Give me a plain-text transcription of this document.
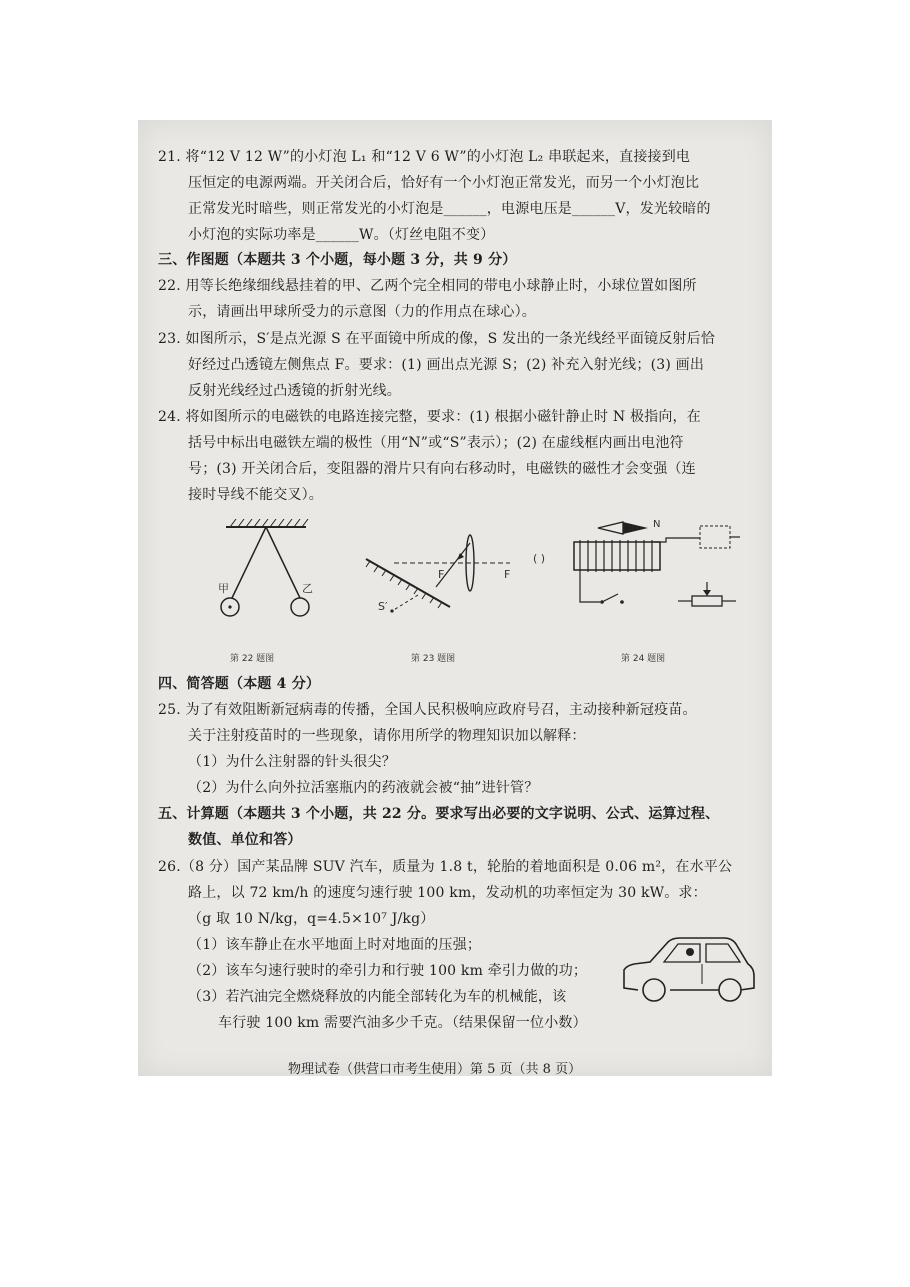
21. 将“12 V 12 W”的小灯泡 L₁ 和“12 V 6 W”的小灯泡 L₂ 串联起来，直接接到电
压恒定的电源两端。开关闭合后，恰好有一个小灯泡正常发光，而另一个小灯泡比
正常发光时暗些，则正常发光的小灯泡是______，电源电压是______V，发光较暗的
小灯泡的实际功率是______W。（灯丝电阻不变）
三、作图题（本题共 3 个小题，每小题 3 分，共 9 分）
22. 用等长绝缘细线悬挂着的甲、乙两个完全相同的带电小球静止时，小球位置如图所
示，请画出甲球所受力的示意图（力的作用点在球心）。
23. 如图所示，S′是点光源 S 在平面镜中所成的像，S 发出的一条光线经平面镜反射后恰
好经过凸透镜左侧焦点 F。要求：(1) 画出点光源 S；(2) 补充入射光线；(3) 画出
反射光线经过凸透镜的折射光线。
24. 将如图所示的电磁铁的电路连接完整，要求：(1) 根据小磁针静止时 N 极指向，在
括号中标出电磁铁左端的极性（用“N”或“S”表示）；(2) 在虚线框内画出电池符
号；(3) 开关闭合后，变阻器的滑片只有向右移动时，电磁铁的磁性才会变强（连
接时导线不能交叉）。
甲	乙
第 22 题图
F	F
S′
第 23 题图
N
( )
第 24 题图
四、简答题（本题 4 分）
25. 为了有效阻断新冠病毒的传播，全国人民积极响应政府号召，主动接种新冠疫苗。
关于注射疫苗时的一些现象，请你用所学的物理知识加以解释：
（1）为什么注射器的针头很尖？
（2）为什么向外拉活塞瓶内的药液就会被“抽”进针管？
五、计算题（本题共 3 个小题，共 22 分。要求写出必要的文字说明、公式、运算过程、
数值、单位和答）
26.（8 分）国产某品牌 SUV 汽车，质量为 1.8 t，轮胎的着地面积是 0.06 m²，在水平公
路上，以 72 km/h 的速度匀速行驶 100 km，发动机的功率恒定为 30 kW。求：
（g 取 10 N/kg，q=4.5×10⁷ J/kg）
（1）该车静止在水平地面上时对地面的压强；
（2）该车匀速行驶时的牵引力和行驶 100 km 牵引力做的功；
（3）若汽油完全燃烧释放的内能全部转化为车的机械能，该
车行驶 100 km 需要汽油多少千克。（结果保留一位小数）
物理试卷（供营口市考生使用）第 5 页（共 8 页）
